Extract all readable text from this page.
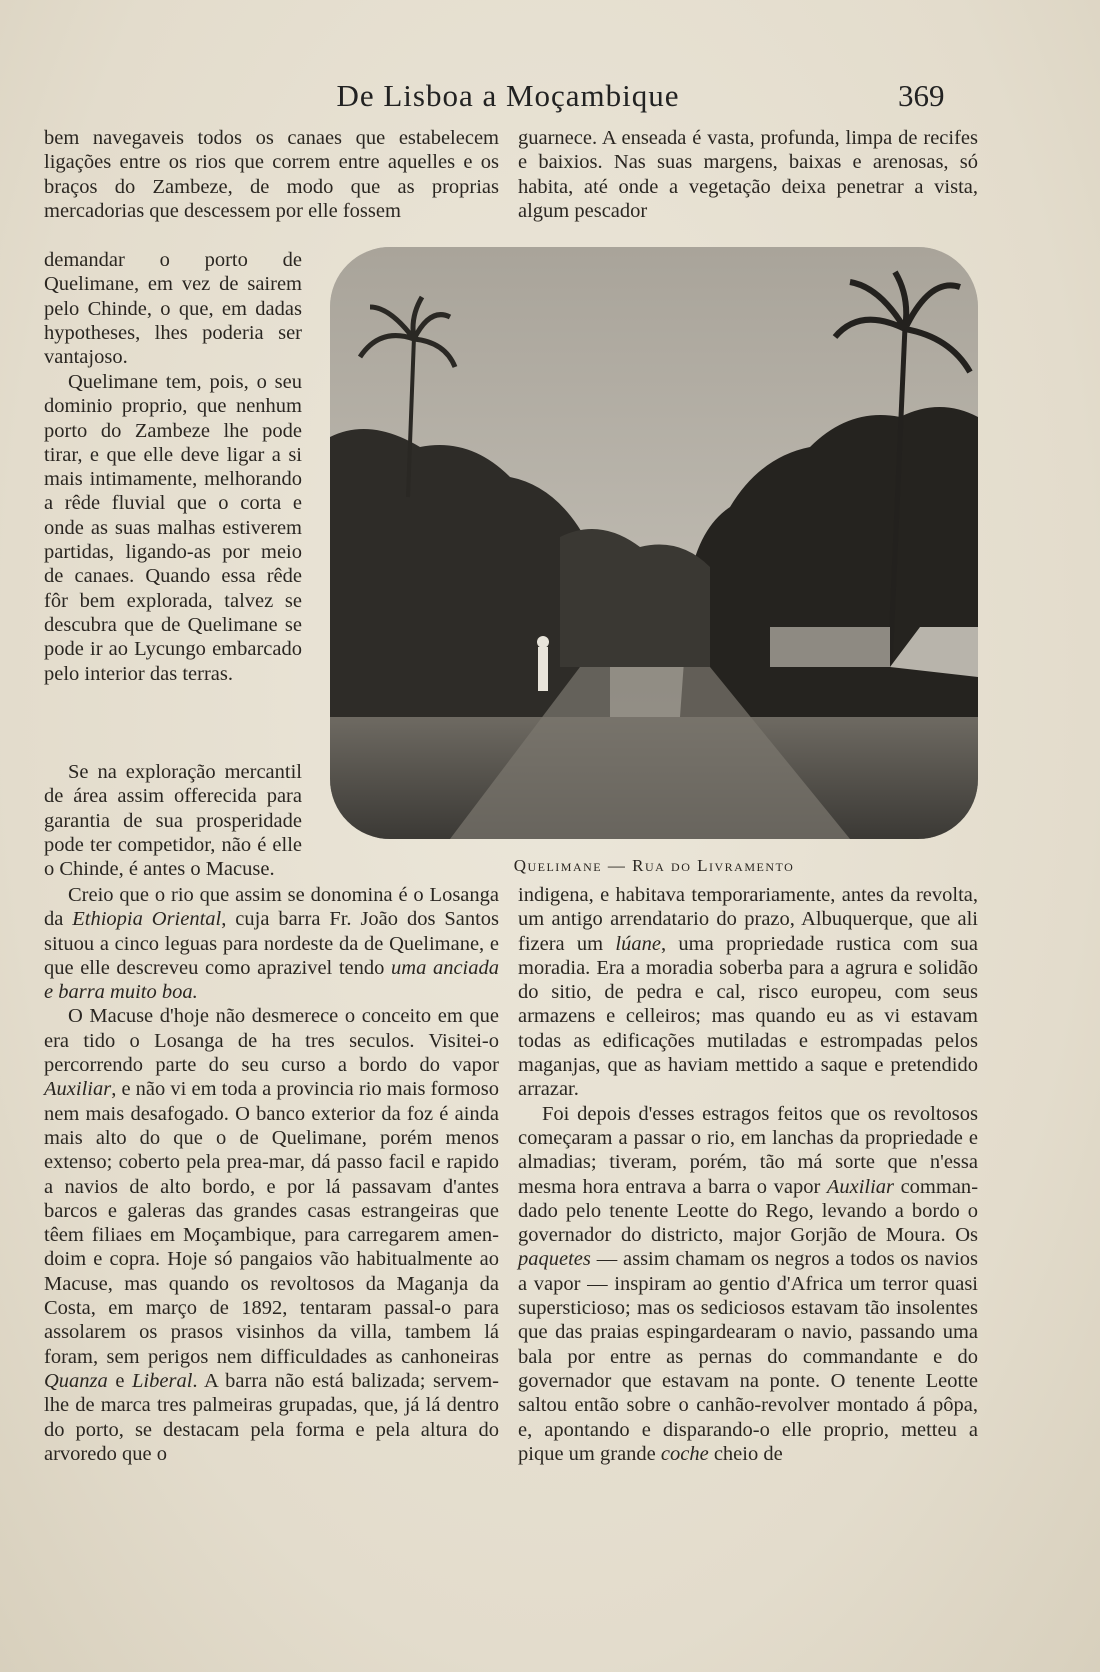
De Lisboa a Moçambique	369

bem navegaveis todos os canaes que estabelecem ligações entre os rios que correm entre aquelles e os braços do Zambeze, de modo que as proprias mercadorias que descessem por elle fossem

demandar o porto de Quelimane, em vez de sairem pelo Chinde, o que, em dadas hypotheses, lhes poderia ser vantajoso.

Quelimane tem, pois, o seu dominio proprio, que nenhum porto do Zambeze lhe pode tirar, e que elle deve ligar a si mais intimamente, melhorando a rêde fluvial que o corta e onde as suas malhas estiverem partidas, ligando-as por meio de canaes. Quando essa rêde fôr bem explorada, talvez se descubra que de Quelimane se pode ir ao Lycungo embarcado pelo interior das terras.

Se na exploração mercantil de área assim offerecida para garantia de sua prosperidade pode ter competidor, não é elle o Chinde, é antes o Macuse.

guarnece. A enseada é vasta, profunda, limpa de recifes e baixios. Nas suas margens, baixas e arenosas, só habita, até onde a vegetação deixa penetrar a vista, algum pescador

Quelimane — Rua do Livramento

Creio que o rio que assim se donomina é o Losanga da Ethiopia Oriental, cuja barra Fr. João dos Santos situou a cinco leguas para nordeste da de Quelimane, e que elle descreveu como aprazivel tendo uma anciada e barra muito boa.

O Macuse d'hoje não desmerece o conceito em que era tido o Losanga de ha tres seculos. Visitei-o percorrendo parte do seu curso a bordo do vapor Auxiliar, e não vi em toda a provincia rio mais formoso nem mais desafogado. O banco exterior da foz é ainda mais alto do que o de Quelimane, porém menos extenso; coberto pela prea-mar, dá passo facil e rapido a navios de alto bordo, e por lá passavam d'antes barcos e galeras das grandes casas estrangeiras que têem filiaes em Moçambique, para carregarem amendoim e copra. Hoje só pangaios vão habitualmente ao Macuse, mas quando os revoltosos da Maganja da Costa, em março de 1892, tentaram passal-o para assolarem os prasos visinhos da villa, tambem lá foram, sem perigos nem difficuldades as canhoneiras Quanza e Liberal. A barra não está balizada; servem-lhe de marca tres palmeiras grupadas, que, já lá dentro do porto, se destacam pela forma e pela altura do arvoredo que o

indigena, e habitava temporariamente, antes da revolta, um antigo arrendatario do prazo, Albuquerque, que ali fizera um lúane, uma propriedade rustica com sua moradia. Era a moradia soberba para a agrura e solidão do sitio, de pedra e cal, risco europeu, com seus armazens e celleiros; mas quando eu as vi estavam todas as edificações mutiladas e estrompadas pelos maganjas, que as haviam mettido a saque e pretendido arrazar.

Foi depois d'esses estragos feitos que os revoltosos começaram a passar o rio, em lanchas da propriedade e almadias; tiveram, porém, tão má sorte que n'essa mesma hora entrava a barra o vapor Auxiliar commandado pelo tenente Leotte do Rego, levando a bordo o governador do districto, major Gorjão de Moura. Os paquetes — assim chamam os negros a todos os navios a vapor — inspiram ao gentio d'Africa um terror quasi supersticioso; mas os sediciosos estavam tão insolentes que das praias espingardearam o navio, passando uma bala por entre as pernas do commandante e do governador que estavam na ponte. O tenente Leotte saltou então sobre o canhão-revolver montado á pôpa, e, apontando e disparando-o elle proprio, metteu a pique um grande coche cheio de
